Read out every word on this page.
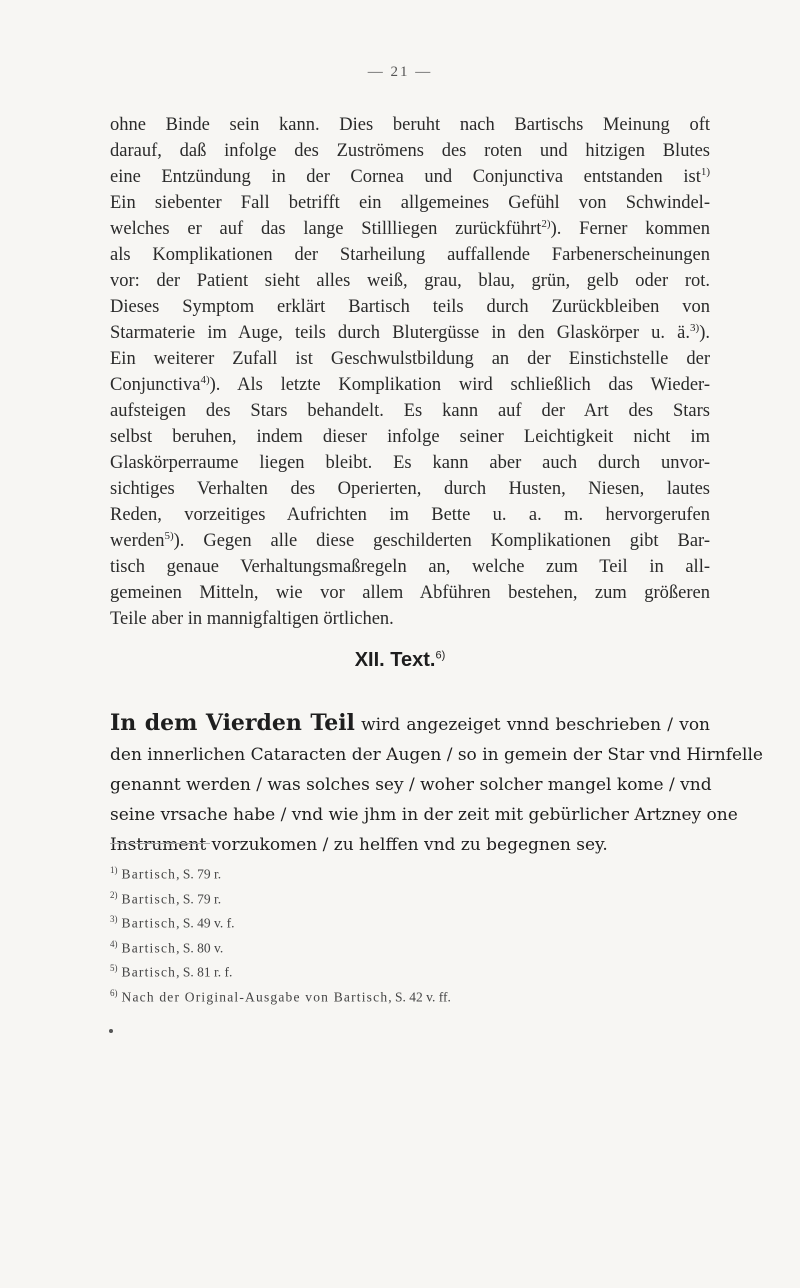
— 21 —
ohne Binde sein kann. Dies beruht nach Bartischs Meinung oft
darauf, daß infolge des Zuströmens des roten und hitzigen Blutes
eine Entzündung in der Cornea und Conjunctiva entstanden ist$^{1)}$
Ein siebenter Fall betrifft ein allgemeines Gefühl von Schwindel-
welches er auf das lange Stillliegen zurückführt$^{2)}$). Ferner kommen
als Komplikationen der Starheilung auffallende Farbenerscheinungen
vor: der Patient sieht alles weiß, grau, blau, grün, gelb oder rot.
Dieses Symptom erklärt Bartisch teils durch Zurückbleiben von
Starmaterie im Auge, teils durch Blutergüsse in den Glaskörper u. ä.$^{3)}$).
Ein weiterer Zufall ist Geschwulstbildung an der Einstichstelle der
Conjunctiva$^{4)}$). Als letzte Komplikation wird schließlich das Wieder-
aufsteigen des Stars behandelt. Es kann auf der Art des Stars
selbst beruhen, indem dieser infolge seiner Leichtigkeit nicht im
Glaskörperraume liegen bleibt. Es kann aber auch durch unvor-
sichtiges Verhalten des Operierten, durch Husten, Niesen, lautes
Reden, vorzeitiges Aufrichten im Bette u. a. m. hervorgerufen
werden$^{5)}$). Gegen alle diese geschilderten Komplikationen gibt Bar-
tisch genaue Verhaltungsmaßregeln an, welche zum Teil in all-
gemeinen Mitteln, wie vor allem Abführen bestehen, zum größeren
Teile aber in mannigfaltigen örtlichen.
XII. Text.$^{6)}$
In dem Vierden Teil wird angezeiget vnnd beschrieben / von
den innerlichen Cataracten der Augen / so in gemein der Star vnd Hirnfelle
genannt werden / was solches sey / woher solcher mangel kome / vnd
seine vrsache habe / vnd wie jhm in der zeit mit gebürlicher Artzney one
Instrument vorzukomen / zu helffen vnd zu begegnen sey.
$^{1)}$ Bartisch, S. 79 r.
$^{2)}$ Bartisch, S. 79 r.
$^{3)}$ Bartisch, S. 49 v. f.
$^{4)}$ Bartisch, S. 80 v.
$^{5)}$ Bartisch, S. 81 r. f.
$^{6)}$ Nach der Original-Ausgabe von Bartisch, S. 42 v. ff.
